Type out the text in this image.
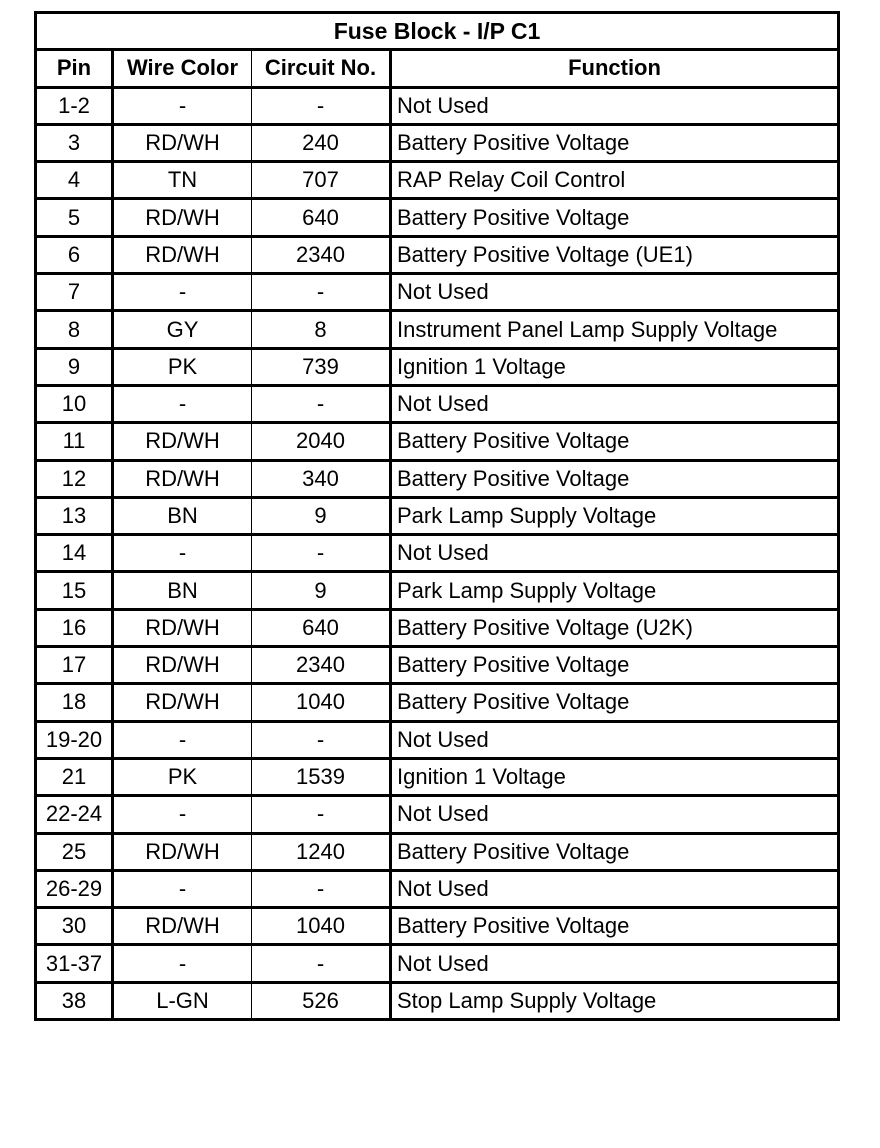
Fuse Block - I/P C1			
Pin	Wire Color	Circuit No.	Function
1-2	-	-	Not Used
3	RD/WH	240	Battery Positive Voltage
4	TN	707	RAP Relay Coil Control
5	RD/WH	640	Battery Positive Voltage
6	RD/WH	2340	Battery Positive Voltage (UE1)
7	-	-	Not Used
8	GY	8	Instrument Panel Lamp Supply Voltage
9	PK	739	Ignition 1 Voltage
10	-	-	Not Used
11	RD/WH	2040	Battery Positive Voltage
12	RD/WH	340	Battery Positive Voltage
13	BN	9	Park Lamp Supply Voltage
14	-	-	Not Used
15	BN	9	Park Lamp Supply Voltage
16	RD/WH	640	Battery Positive Voltage (U2K)
17	RD/WH	2340	Battery Positive Voltage
18	RD/WH	1040	Battery Positive Voltage
19-20	-	-	Not Used
21	PK	1539	Ignition 1 Voltage
22-24	-	-	Not Used
25	RD/WH	1240	Battery Positive Voltage
26-29	-	-	Not Used
30	RD/WH	1040	Battery Positive Voltage
31-37	-	-	Not Used
38	L-GN	526	Stop Lamp Supply Voltage
